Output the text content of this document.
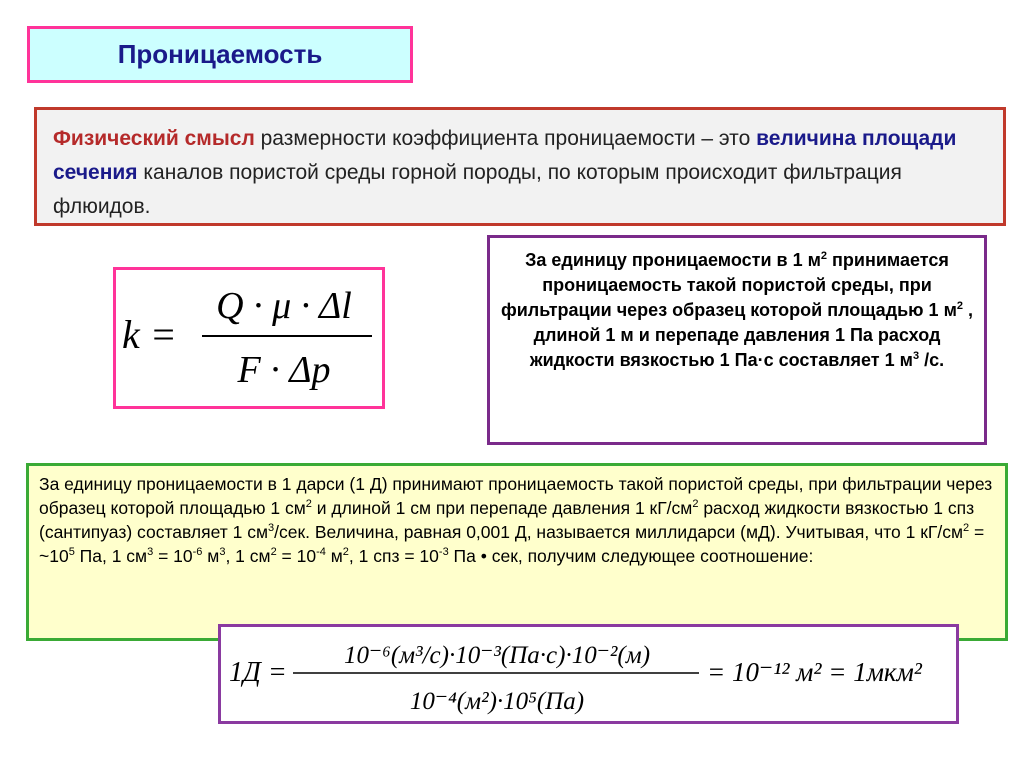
Проницаемость
Физический смысл размерности коэффициента проницаемости – это величина площади сечения каналов пористой среды горной породы, по которым происходит фильтрация флюидов.
k =
Q · μ · Δl
F · Δp
За единицу проницаемости в 1 $м^2$ принимается проницаемость такой пористой среды, при фильтрации через образец которой площадью 1 $м^2$ , длиной 1 м и перепаде давления 1 Па расход жидкости вязкостью 1 Па·с составляет 1 $м^3$ /с.
За единицу проницаемости в 1 дарси (1 Д) принимают проницаемость такой пористой среды, при фильтрации через образец которой площадью 1 $см^2$ и длиной 1 см при перепаде давления 1 $кГ/см^2$ расход жидкости вязкостью 1 спз (сантипуаз) составляет 1 $см^3$/сек. Величина, равная 0,001 Д, называется миллидарси (мД). Учитывая, что 1 $кГ/см^2$ = $\sim 10^5$ Па, 1 $см^3 = 10^{-6}$ $м^3$, 1 $см^2 = 10^{-4}$ $м^2$, 1 спз = $10^{-3}$ Па • сек, получим следующее соотношение:
1Д =
10⁻⁶(м³/с)·10⁻³(Па·с)·10⁻²(м)
10⁻⁴(м²)·10⁵(Па)
= 10⁻¹² м² = 1мкм²
